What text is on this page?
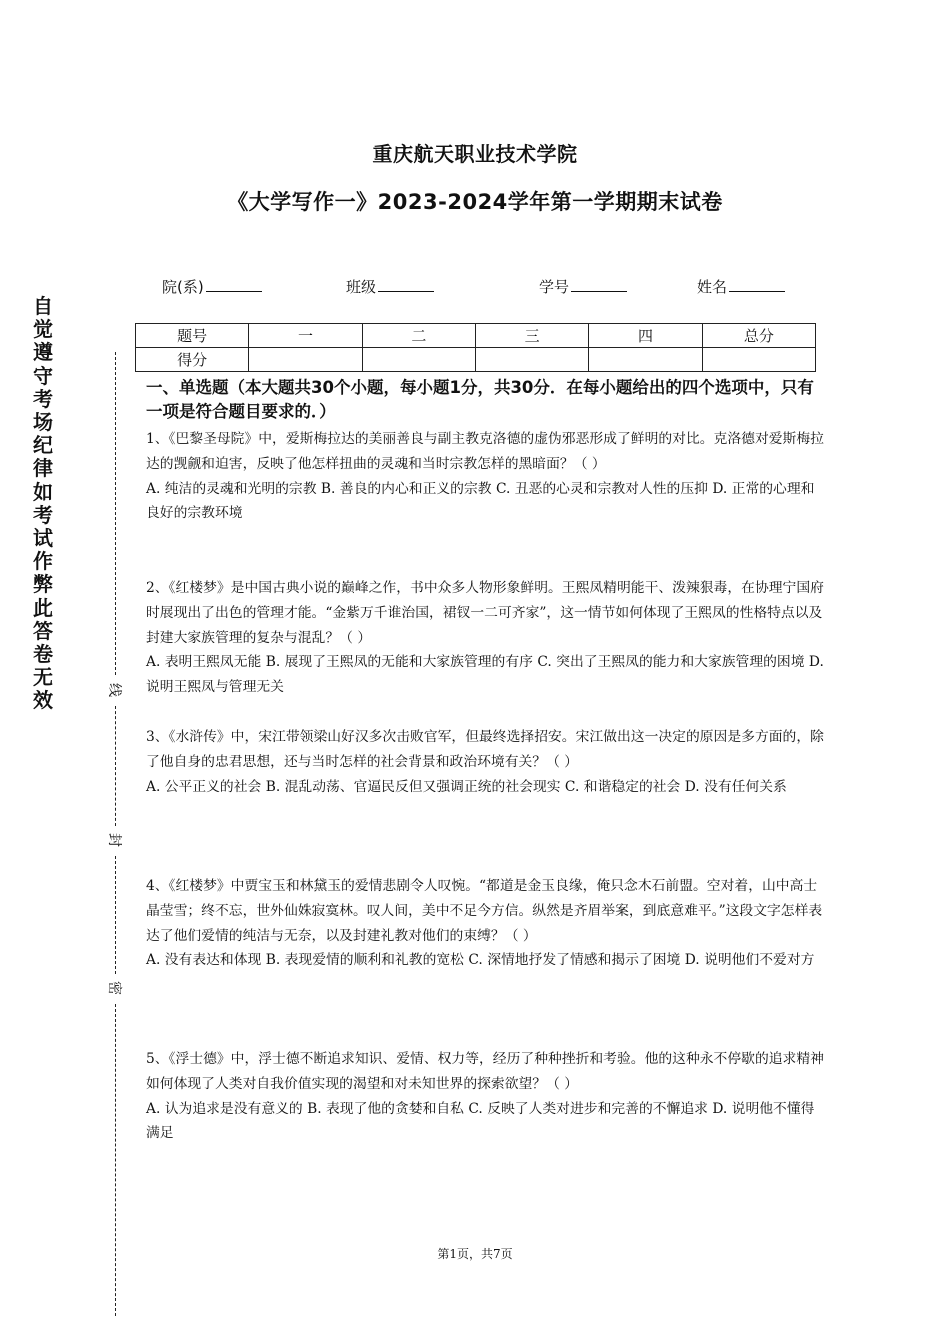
重庆航天职业技术学院
《大学写作一》2023-2024学年第一学期期末试卷
院(系)	班级	学号	姓名
题号	一	二	三	四	总分
得分					
自
觉
遵
守
考
场
纪
律
如
考
试
作
弊
此
答
卷
无
效	线
封
密
一、单选题（本大题共30个小题，每小题1分，共30分．在每小题给出的四个选项中，只有一项是符合题目要求的．）

1、《巴黎圣母院》中，爱斯梅拉达的美丽善良与副主教克洛德的虚伪邪恶形成了鲜明的对比。克洛德对爱斯梅拉达的觊觎和迫害，反映了他怎样扭曲的灵魂和当时宗教怎样的黑暗面？（ ）

A. 纯洁的灵魂和光明的宗教 B. 善良的内心和正义的宗教 C. 丑恶的心灵和宗教对人性的压抑 D. 正常的心理和良好的宗教环境

2、《红楼梦》是中国古典小说的巅峰之作，书中众多人物形象鲜明。王熙凤精明能干、泼辣狠毒，在协理宁国府时展现出了出色的管理才能。“金紫万千谁治国，裙钗一二可齐家”，这一情节如何体现了王熙凤的性格特点以及封建大家族管理的复杂与混乱？（ ）

A. 表明王熙凤无能 B. 展现了王熙凤的无能和大家族管理的有序 C. 突出了王熙凤的能力和大家族管理的困境 D. 说明王熙凤与管理无关

3、《水浒传》中，宋江带领梁山好汉多次击败官军，但最终选择招安。宋江做出这一决定的原因是多方面的，除了他自身的忠君思想，还与当时怎样的社会背景和政治环境有关？（ ）

A. 公平正义的社会 B. 混乱动荡、官逼民反但又强调正统的社会现实 C. 和谐稳定的社会 D. 没有任何关系

4、《红楼梦》中贾宝玉和林黛玉的爱情悲剧令人叹惋。“都道是金玉良缘，俺只念木石前盟。空对着，山中高士晶莹雪；终不忘，世外仙姝寂寞林。叹人间，美中不足今方信。纵然是齐眉举案，到底意难平。”这段文字怎样表达了他们爱情的纯洁与无奈，以及封建礼教对他们的束缚？（ ）

A. 没有表达和体现 B. 表现爱情的顺利和礼教的宽松 C. 深情地抒发了情感和揭示了困境 D. 说明他们不爱对方

5、《浮士德》中，浮士德不断追求知识、爱情、权力等，经历了种种挫折和考验。他的这种永不停歇的追求精神如何体现了人类对自我价值实现的渴望和对未知世界的探索欲望？（ ）

A. 认为追求是没有意义的 B. 表现了他的贪婪和自私 C. 反映了人类对进步和完善的不懈追求 D. 说明他不懂得满足

第1页，共7页
